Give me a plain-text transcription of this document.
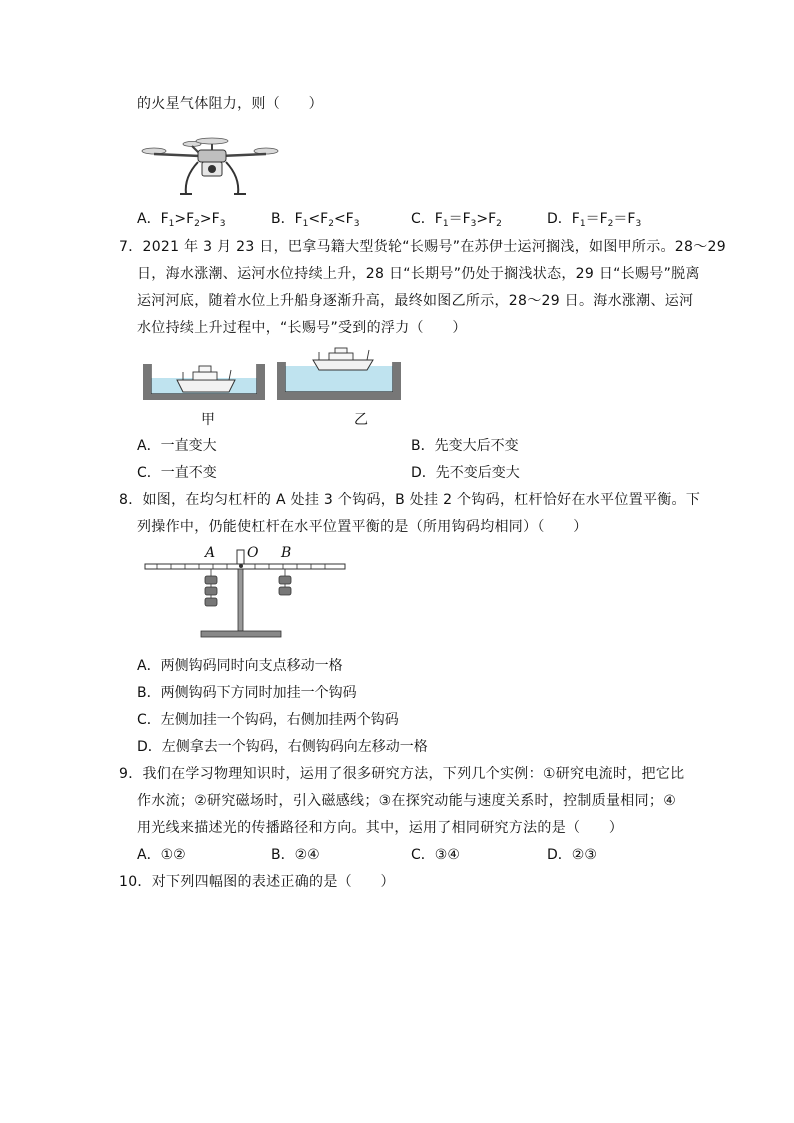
的火星气体阻力，则（　　）
A．$F_1>F_2>F_3$	B．$F_1<F_2<F_3$	C．$F_1=F_3>F_2$	D．$F_1=F_2=F_3$
7．2021 年 3 月 23 日，巴拿马籍大型货轮“长赐号”在苏伊士运河搁浅，如图甲所示。28～29
日，海水涨潮、运河水位持续上升，28 日“长期号”仍处于搁浅状态，29 日“长赐号”脱离
运河河底，随着水位上升船身逐渐升高，最终如图乙所示，28～29 日。海水涨潮、运河
水位持续上升过程中，“长赐号”受到的浮力（　　）
甲	乙
A．一直变大	B．先变大后不变
C．一直不变	D．先不变后变大
8．如图，在均匀杠杆的 A 处挂 3 个钩码，B 处挂 2 个钩码，杠杆恰好在水平位置平衡。下
列操作中，仍能使杠杆在水平位置平衡的是（所用钩码均相同）（　　）
A O B
A．两侧钩码同时向支点移动一格
B．两侧钩码下方同时加挂一个钩码
C．左侧加挂一个钩码，右侧加挂两个钩码
D．左侧拿去一个钩码，右侧钩码向左移动一格
9．我们在学习物理知识时，运用了很多研究方法，下列几个实例：①研究电流时，把它比
作水流；②研究磁场时，引入磁感线；③在探究动能与速度关系时，控制质量相同；④
用光线来描述光的传播路径和方向。其中，运用了相同研究方法的是（　　）
A．①②	B．②④	C．③④	D．②③
10．对下列四幅图的表述正确的是（　　）
